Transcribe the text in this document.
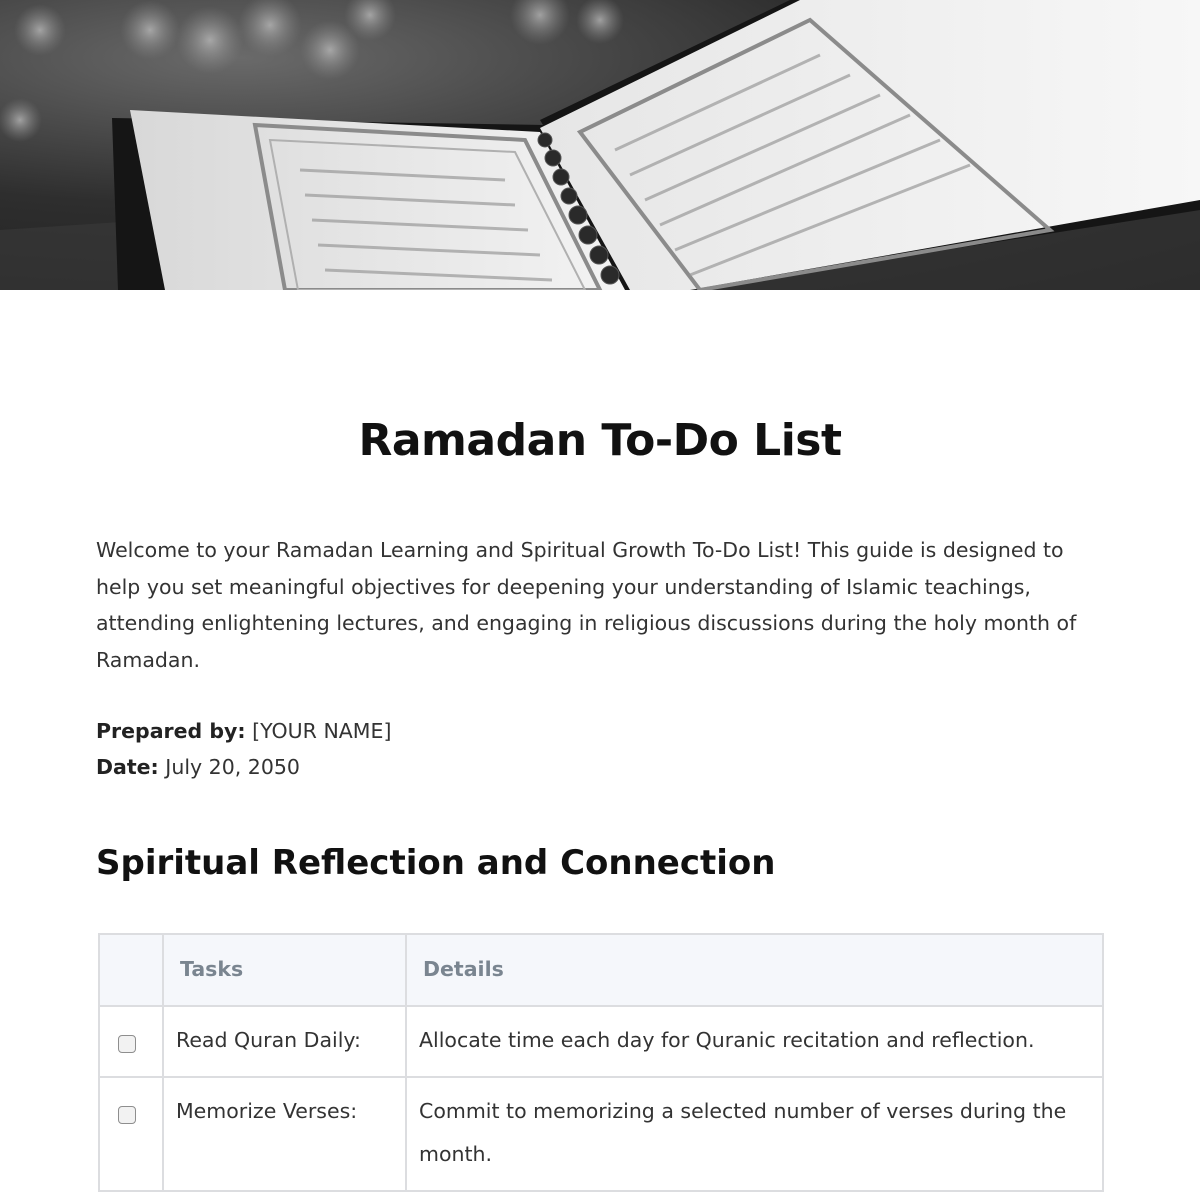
Ramadan To-Do List

Welcome to your Ramadan Learning and Spiritual Growth To-Do List! This guide is designed to help you set meaningful objectives for deepening your understanding of Islamic teachings, attending enlightening lectures, and engaging in religious discussions during the holy month of Ramadan.

Prepared by: [YOUR NAME]
Date: July 20, 2050
Spiritual Reflection and Connection
	Tasks	Details
	Read Quran Daily:	Allocate time each day for Quranic recitation and reflection.
	Memorize Verses:	Commit to memorizing a selected number of verses during the month.
